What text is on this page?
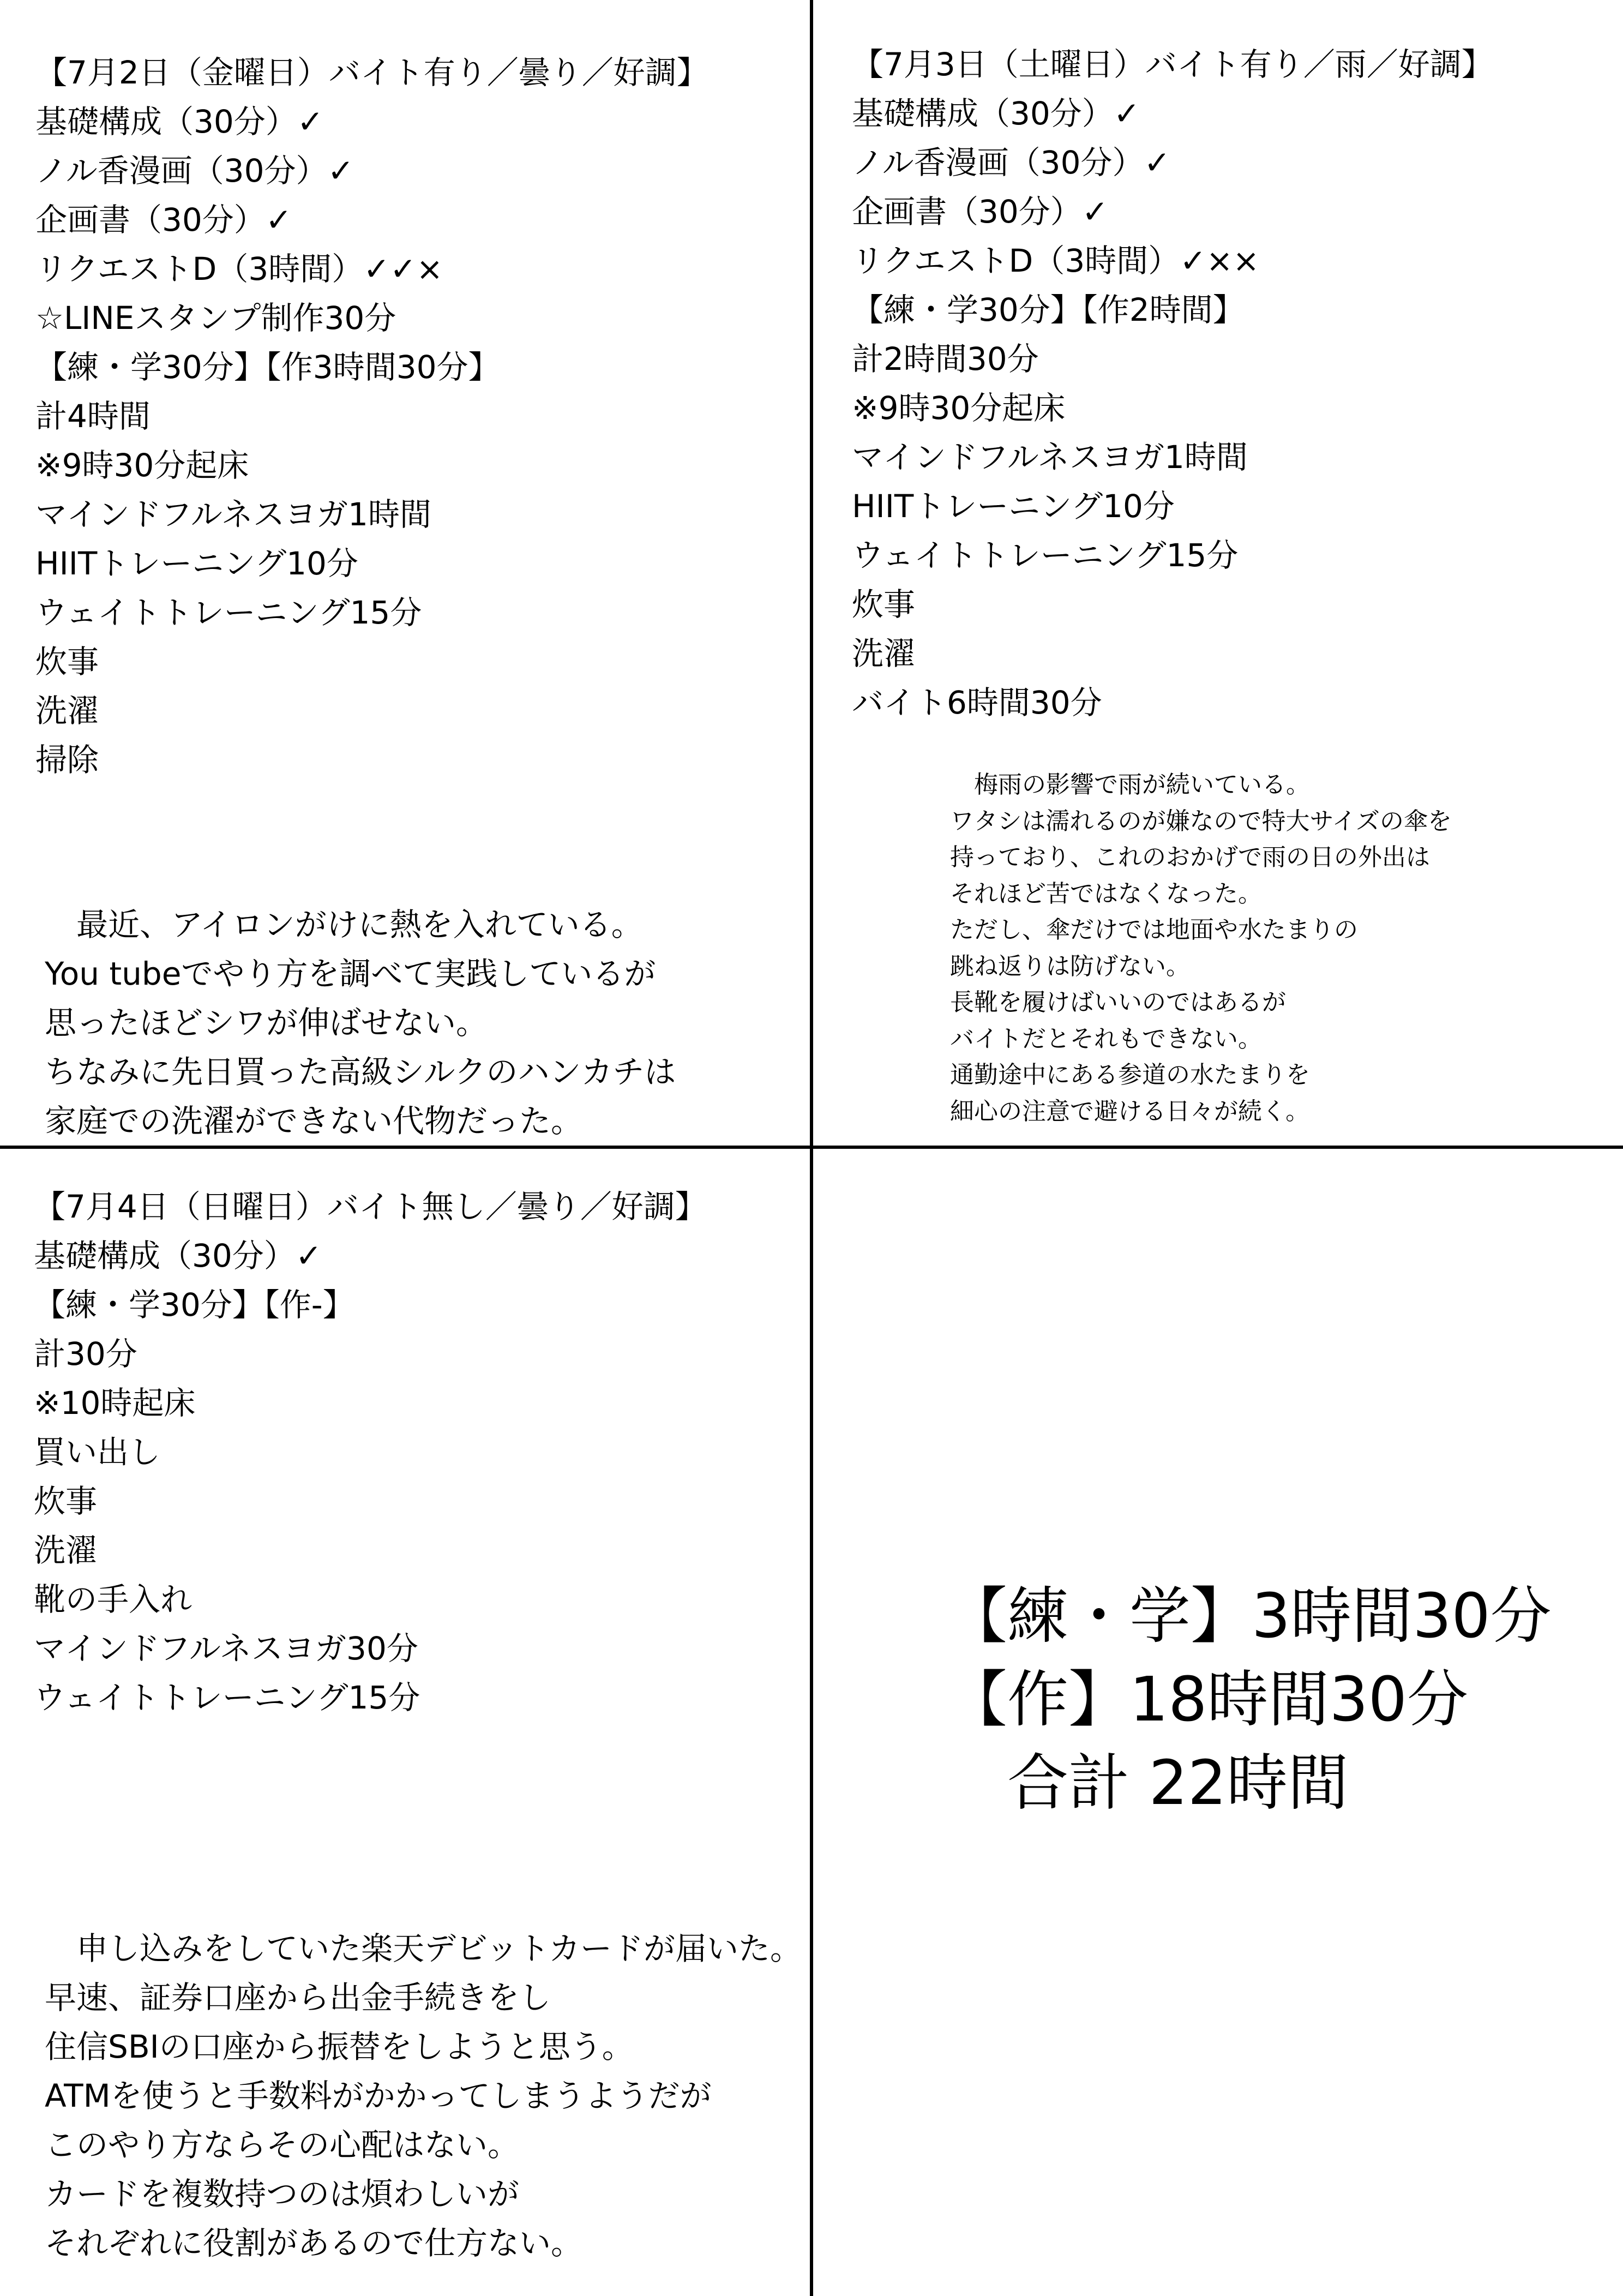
【7月2日（金曜日）バイト有り／曇り／好調】
基礎構成（30分）✓
ノル香漫画（30分）✓
企画書（30分）✓
リクエストD（3時間）✓✓×
☆LINEスタンプ制作30分
【練・学30分】【作3時間30分】
計4時間
※9時30分起床
マインドフルネスヨガ1時間
HIITトレーニング10分
ウェイトトレーニング15分
炊事
洗濯
掃除
　最近、アイロンがけに熱を入れている。
You tubeでやり方を調べて実践しているが
思ったほどシワが伸ばせない。
ちなみに先日買った高級シルクのハンカチは
家庭での洗濯ができない代物だった。
【7月3日（土曜日）バイト有り／雨／好調】
基礎構成（30分）✓
ノル香漫画（30分）✓
企画書（30分）✓
リクエストD（3時間）✓××
【練・学30分】【作2時間】
計2時間30分
※9時30分起床
マインドフルネスヨガ1時間
HIITトレーニング10分
ウェイトトレーニング15分
炊事
洗濯
バイト6時間30分
　梅雨の影響で雨が続いている。
ワタシは濡れるのが嫌なので特大サイズの傘を
持っており、これのおかげで雨の日の外出は
それほど苦ではなくなった。
ただし、傘だけでは地面や水たまりの
跳ね返りは防げない。
長靴を履けばいいのではあるが
バイトだとそれもできない。
通勤途中にある参道の水たまりを
細心の注意で避ける日々が続く。
【7月4日（日曜日）バイト無し／曇り／好調】
基礎構成（30分）✓
【練・学30分】【作-】
計30分
※10時起床
買い出し
炊事
洗濯
靴の手入れ
マインドフルネスヨガ30分
ウェイトトレーニング15分
　申し込みをしていた楽天デビットカードが届いた。
早速、証券口座から出金手続きをし
住信SBIの口座から振替をしようと思う。
ATMを使うと手数料がかかってしまうようだが
このやり方ならその心配はない。
カードを複数持つのは煩わしいが
それぞれに役割があるので仕方ない。
【練・学】3時間30分
【作】18時間30分
　合計 22時間
